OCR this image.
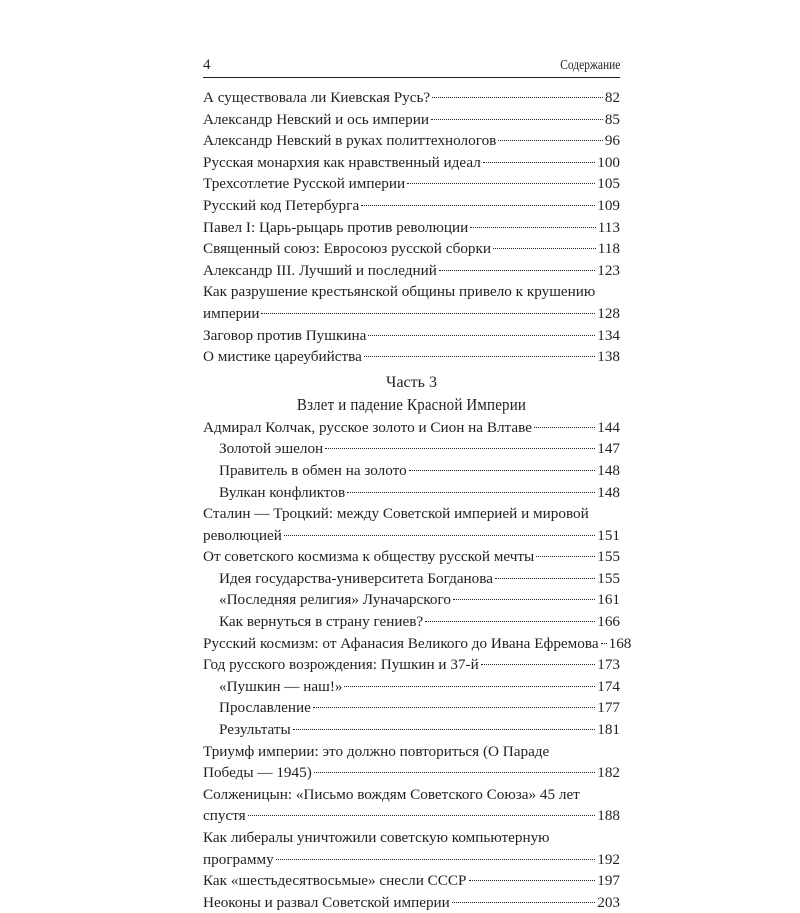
4	Содержание
А существовала ли Киевская Русь?	82
Александр Невский и ось империи	85
Александр Невский в руках политтехнологов	96
Русская монархия как нравственный идеал	100
Трехсотлетие Русской империи	105
Русский код Петербурга	109
Павел I: Царь-рыцарь против революции	113
Священный союз: Евросоюз русской сборки	118
Александр III. Лучший и последний	123
Как разрушение крестьянской общины привело к крушению
империи	128
Заговор против Пушкина	134
О мистике цареубийства	138
Часть 3
Взлет и падение Красной Империи
Адмирал Колчак, русское золото и Сион на Влтаве	144
Золотой эшелон	147
Правитель в обмен на золото	148
Вулкан конфликтов	148
Сталин — Троцкий: между Советской империей и мировой
революцией	151
От советского космизма к обществу русской мечты	155
Идея государства-университета Богданова	155
«Последняя религия» Луначарского	161
Как вернуться в страну гениев?	166
Русский космизм: от Афанасия Великого до Ивана Ефремова 168
Год русского возрождения: Пушкин и 37-й	173
«Пушкин — наш!»	174
Прославление	177
Результаты	181
Триумф империи: это должно повториться (О Параде
Победы — 1945)	182
Солженицын: «Письмо вождям Советского Союза» 45 лет
спустя	188
Как либералы уничтожили советскую компьютерную
программу	192
Как «шестьдесятвосьмые» снесли СССР	197
Неоконы и развал Советской империи	203
